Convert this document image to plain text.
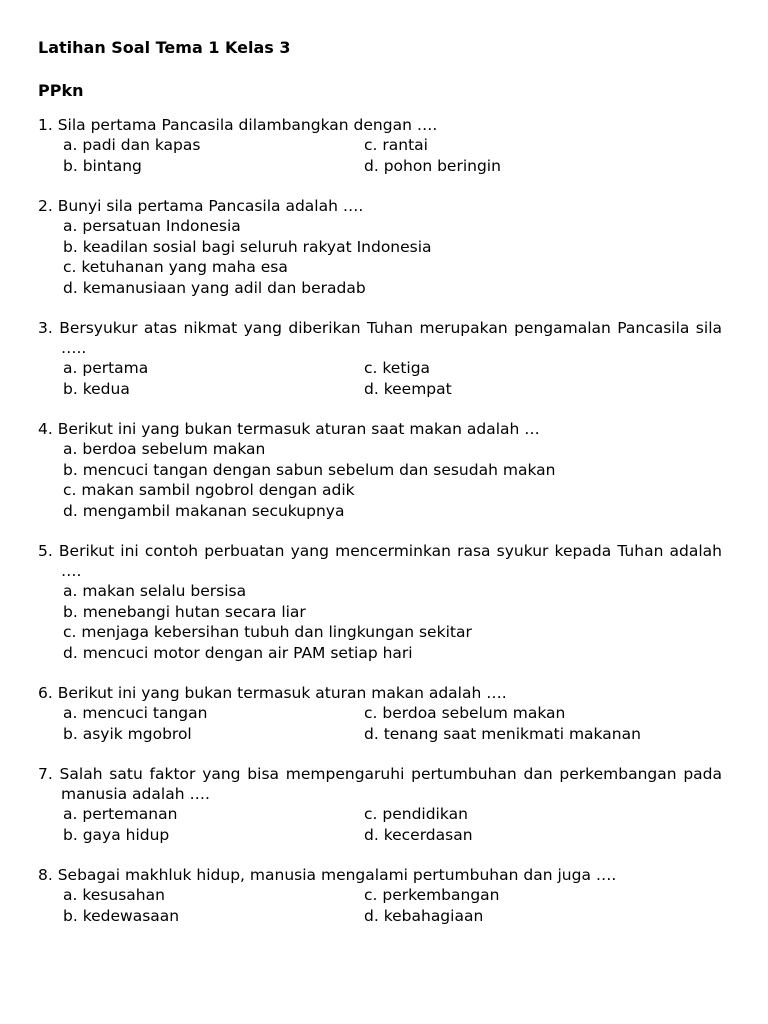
Latihan Soal Tema 1 Kelas 3
PPkn
1. Sila pertama Pancasila dilambangkan dengan ….
a. padi dan kapas	c. rantai
b. bintang	d. pohon beringin
2. Bunyi sila pertama Pancasila adalah ….
a. persatuan Indonesia
b. keadilan sosial bagi seluruh rakyat Indonesia
c. ketuhanan yang maha esa
d. kemanusiaan yang adil dan beradab
3. Bersyukur atas nikmat yang diberikan Tuhan merupakan pengamalan Pancasila sila …..
a. pertama	c. ketiga
b. kedua	d. keempat
4. Berikut ini yang bukan termasuk aturan saat makan adalah …
a. berdoa sebelum makan
b. mencuci tangan dengan sabun sebelum dan sesudah makan
c. makan sambil ngobrol dengan adik
d. mengambil makanan secukupnya
5. Berikut ini contoh perbuatan yang mencerminkan rasa syukur kepada Tuhan adalah ….
a. makan selalu bersisa
b. menebangi hutan secara liar
c. menjaga kebersihan tubuh dan lingkungan sekitar
d. mencuci motor dengan air PAM setiap hari
6. Berikut ini yang bukan termasuk aturan makan adalah ….
a. mencuci tangan	c. berdoa sebelum makan
b. asyik mgobrol	d. tenang saat menikmati makanan
7. Salah satu faktor yang bisa mempengaruhi pertumbuhan dan perkembangan pada manusia adalah ….
a. pertemanan	c. pendidikan
b. gaya hidup	d. kecerdasan
8. Sebagai makhluk hidup, manusia mengalami pertumbuhan dan juga ….
a. kesusahan	c. perkembangan
b. kedewasaan	d. kebahagiaan
